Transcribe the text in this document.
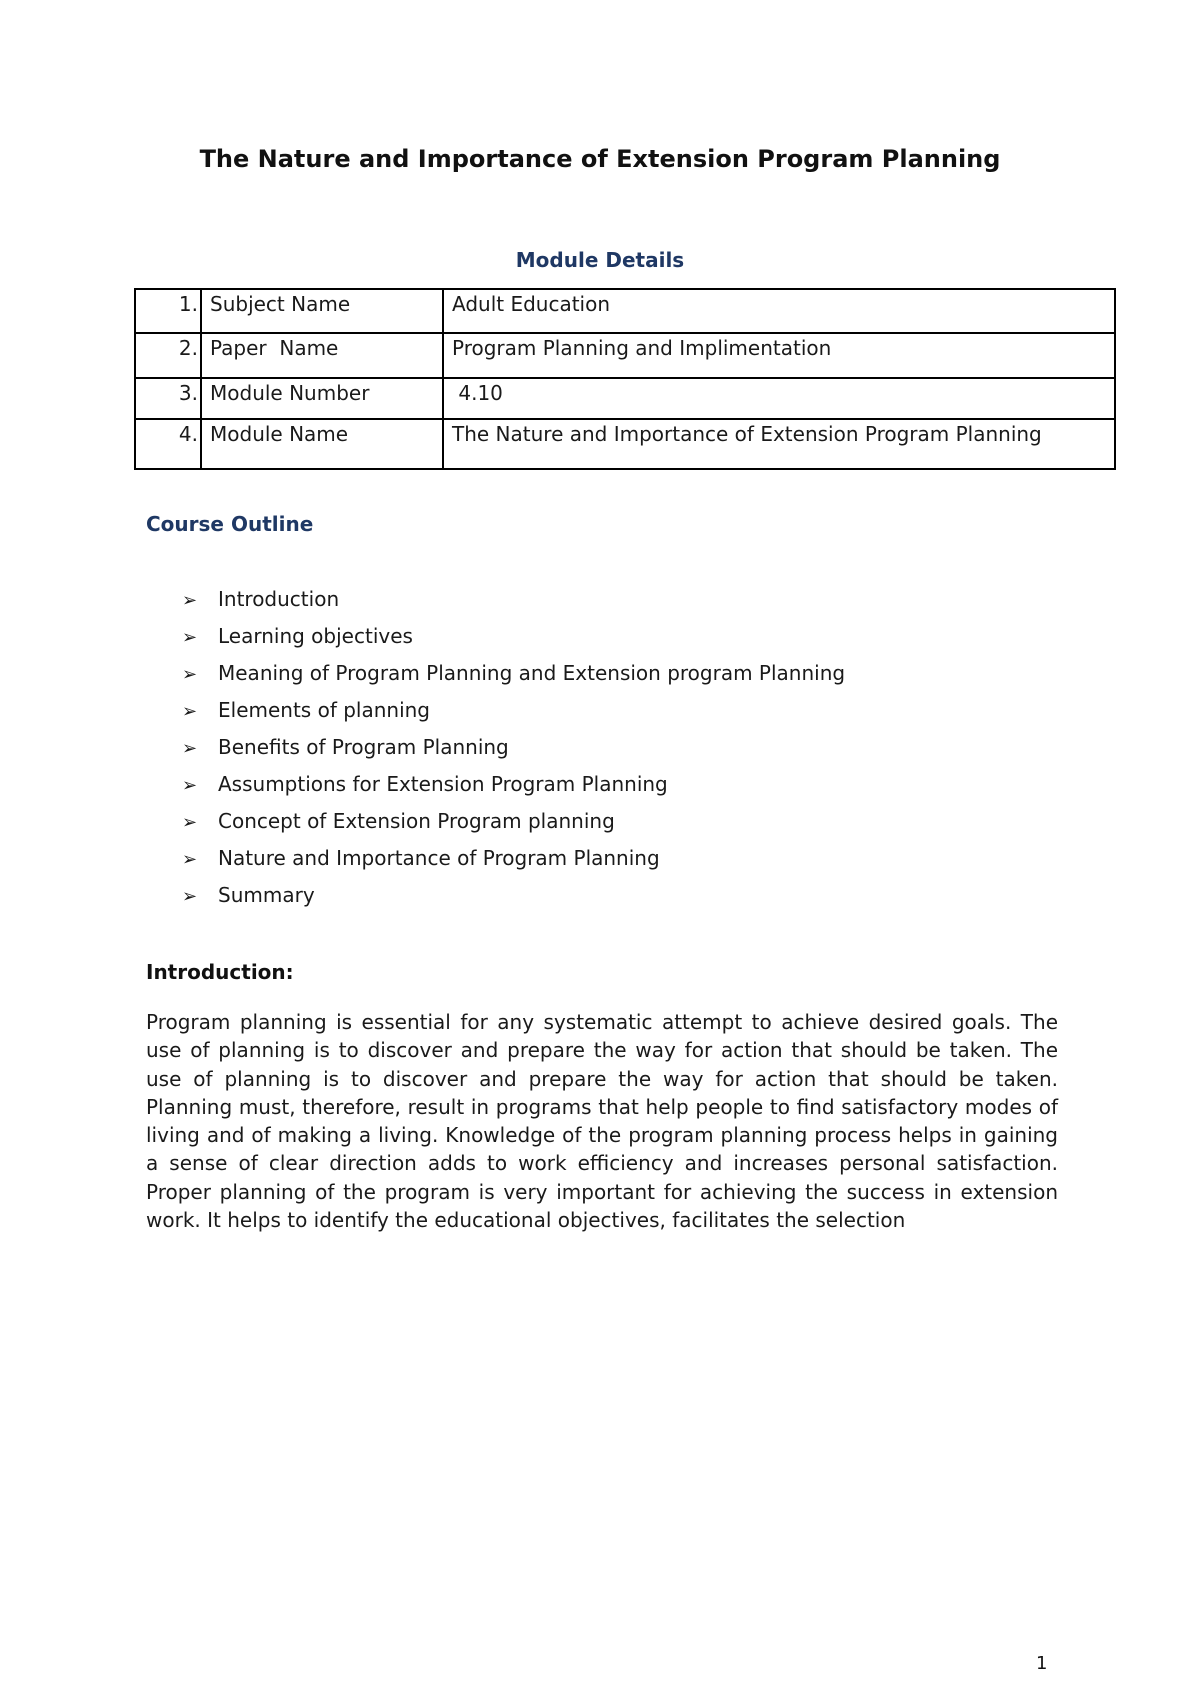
The Nature and Importance of Extension Program Planning
Module Details
1.	Subject Name	Adult Education
2.	Paper  Name	Program Planning and Implimentation
3.	Module Number	4.10
4.	Module Name	The Nature and Importance of Extension Program Planning
Course Outline
➢ Introduction
➢ Learning objectives
➢ Meaning of Program Planning and Extension program Planning
➢ Elements of planning
➢ Benefits of Program Planning
➢ Assumptions for Extension Program Planning
➢ Concept of Extension Program planning
➢ Nature and Importance of Program Planning
➢ Summary
Introduction:

Program planning is essential for any systematic attempt to achieve desired goals. The use of planning is to discover and prepare the way for action that should be taken. The use of planning is to discover and prepare the way for action that should be taken. Planning must, therefore, result in programs that help people to find satisfactory modes of living and of making a living. Knowledge of the program planning process helps in gaining a sense of clear direction adds to work efficiency and increases personal satisfaction. Proper planning of the program is very important for achieving the success in extension work. It helps to identify the educational objectives, facilitates the selection

1
